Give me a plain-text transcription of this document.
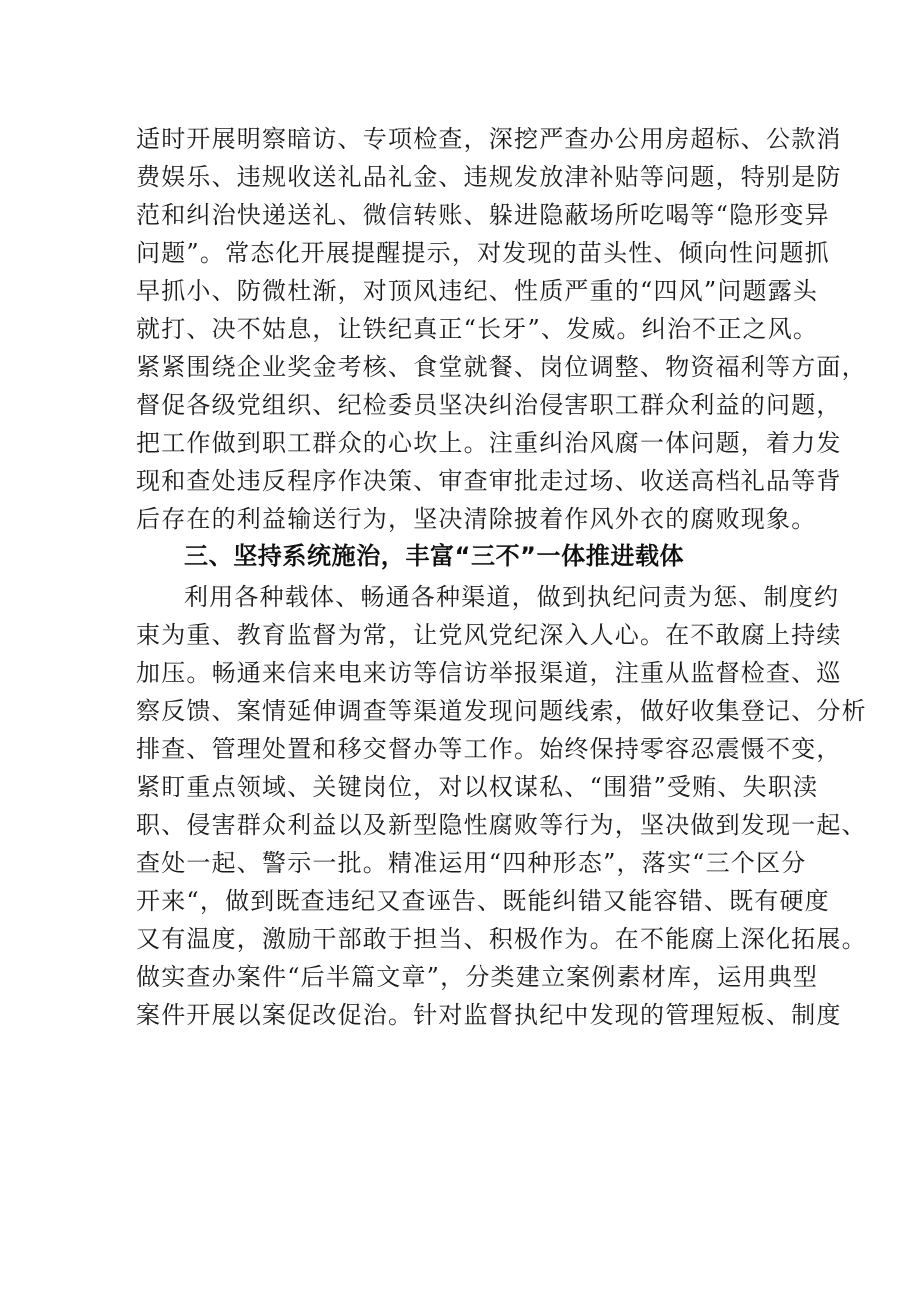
适时开展明察暗访、专项检查，深挖严查办公用房超标、公款消
费娱乐、违规收送礼品礼金、违规发放津补贴等问题，特别是防
范和纠治快递送礼、微信转账、躲进隐蔽场所吃喝等“隐形变异
问题”。常态化开展提醒提示，对发现的苗头性、倾向性问题抓
早抓小、防微杜渐，对顶风违纪、性质严重的“四风”问题露头
就打、决不姑息，让铁纪真正“长牙”、发威。纠治不正之风。
紧紧围绕企业奖金考核、食堂就餐、岗位调整、物资福利等方面，
督促各级党组织、纪检委员坚决纠治侵害职工群众利益的问题，
把工作做到职工群众的心坎上。注重纠治风腐一体问题，着力发
现和查处违反程序作决策、审查审批走过场、收送高档礼品等背
后存在的利益输送行为，坚决清除披着作风外衣的腐败现象。
三、坚持系统施治，丰富“三不”一体推进载体
利用各种载体、畅通各种渠道，做到执纪问责为惩、制度约
束为重、教育监督为常，让党风党纪深入人心。在不敢腐上持续
加压。畅通来信来电来访等信访举报渠道，注重从监督检查、巡
察反馈、案情延伸调查等渠道发现问题线索，做好收集登记、分析
排查、管理处置和移交督办等工作。始终保持零容忍震慑不变，
紧盯重点领域、关键岗位，对以权谋私、“围猎”受贿、失职渎
职、侵害群众利益以及新型隐性腐败等行为，坚决做到发现一起、
查处一起、警示一批。精准运用“四种形态”，落实“三个区分
开来“，做到既查违纪又查诬告、既能纠错又能容错、既有硬度
又有温度，激励干部敢于担当、积极作为。在不能腐上深化拓展。
做实查办案件“后半篇文章”，分类建立案例素材库，运用典型
案件开展以案促改促治。针对监督执纪中发现的管理短板、制度
